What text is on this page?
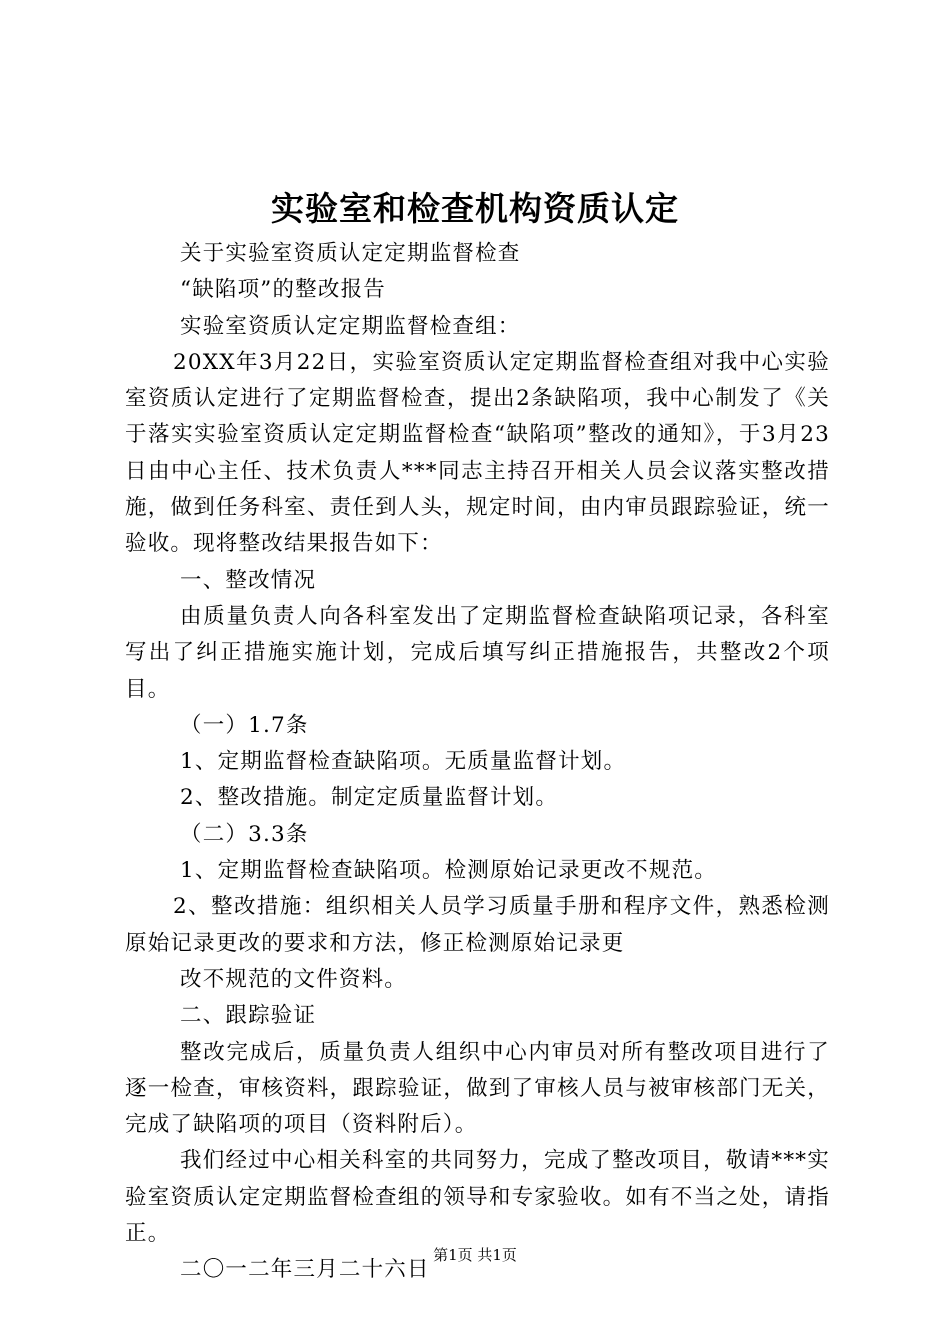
实验室和检查机构资质认定

关于实验室资质认定定期监督检查

“缺陷项”的整改报告

实验室资质认定定期监督检查组：

20XX年3月22日，实验室资质认定定期监督检查组对我中心实验室资质认定进行了定期监督检查，提出2条缺陷项，我中心制发了《关于落实实验室资质认定定期监督检查“缺陷项”整改的通知》，于3月23日由中心主任、技术负责人***同志主持召开相关人员会议落实整改措施，做到任务科室、责任到人头，规定时间，由内审员跟踪验证，统一验收。现将整改结果报告如下：

一、整改情况

由质量负责人向各科室发出了定期监督检查缺陷项记录，各科室写出了纠正措施实施计划，完成后填写纠正措施报告，共整改2个项目。

（一）1.7条

1、定期监督检查缺陷项。无质量监督计划。

2、整改措施。制定定质量监督计划。

（二）3.3条

1、定期监督检查缺陷项。检测原始记录更改不规范。

2、整改措施：组织相关人员学习质量手册和程序文件，熟悉检测原始记录更改的要求和方法，修正检测原始记录更

改不规范的文件资料。

二、跟踪验证

整改完成后，质量负责人组织中心内审员对所有整改项目进行了逐一检查，审核资料，跟踪验证，做到了审核人员与被审核部门无关，完成了缺陷项的项目（资料附后）。

我们经过中心相关科室的共同努力，完成了整改项目，敬请***实验室资质认定定期监督检查组的领导和专家验收。如有不当之处，请指正。

二〇一二年三月二十六日

第1页 共1页
